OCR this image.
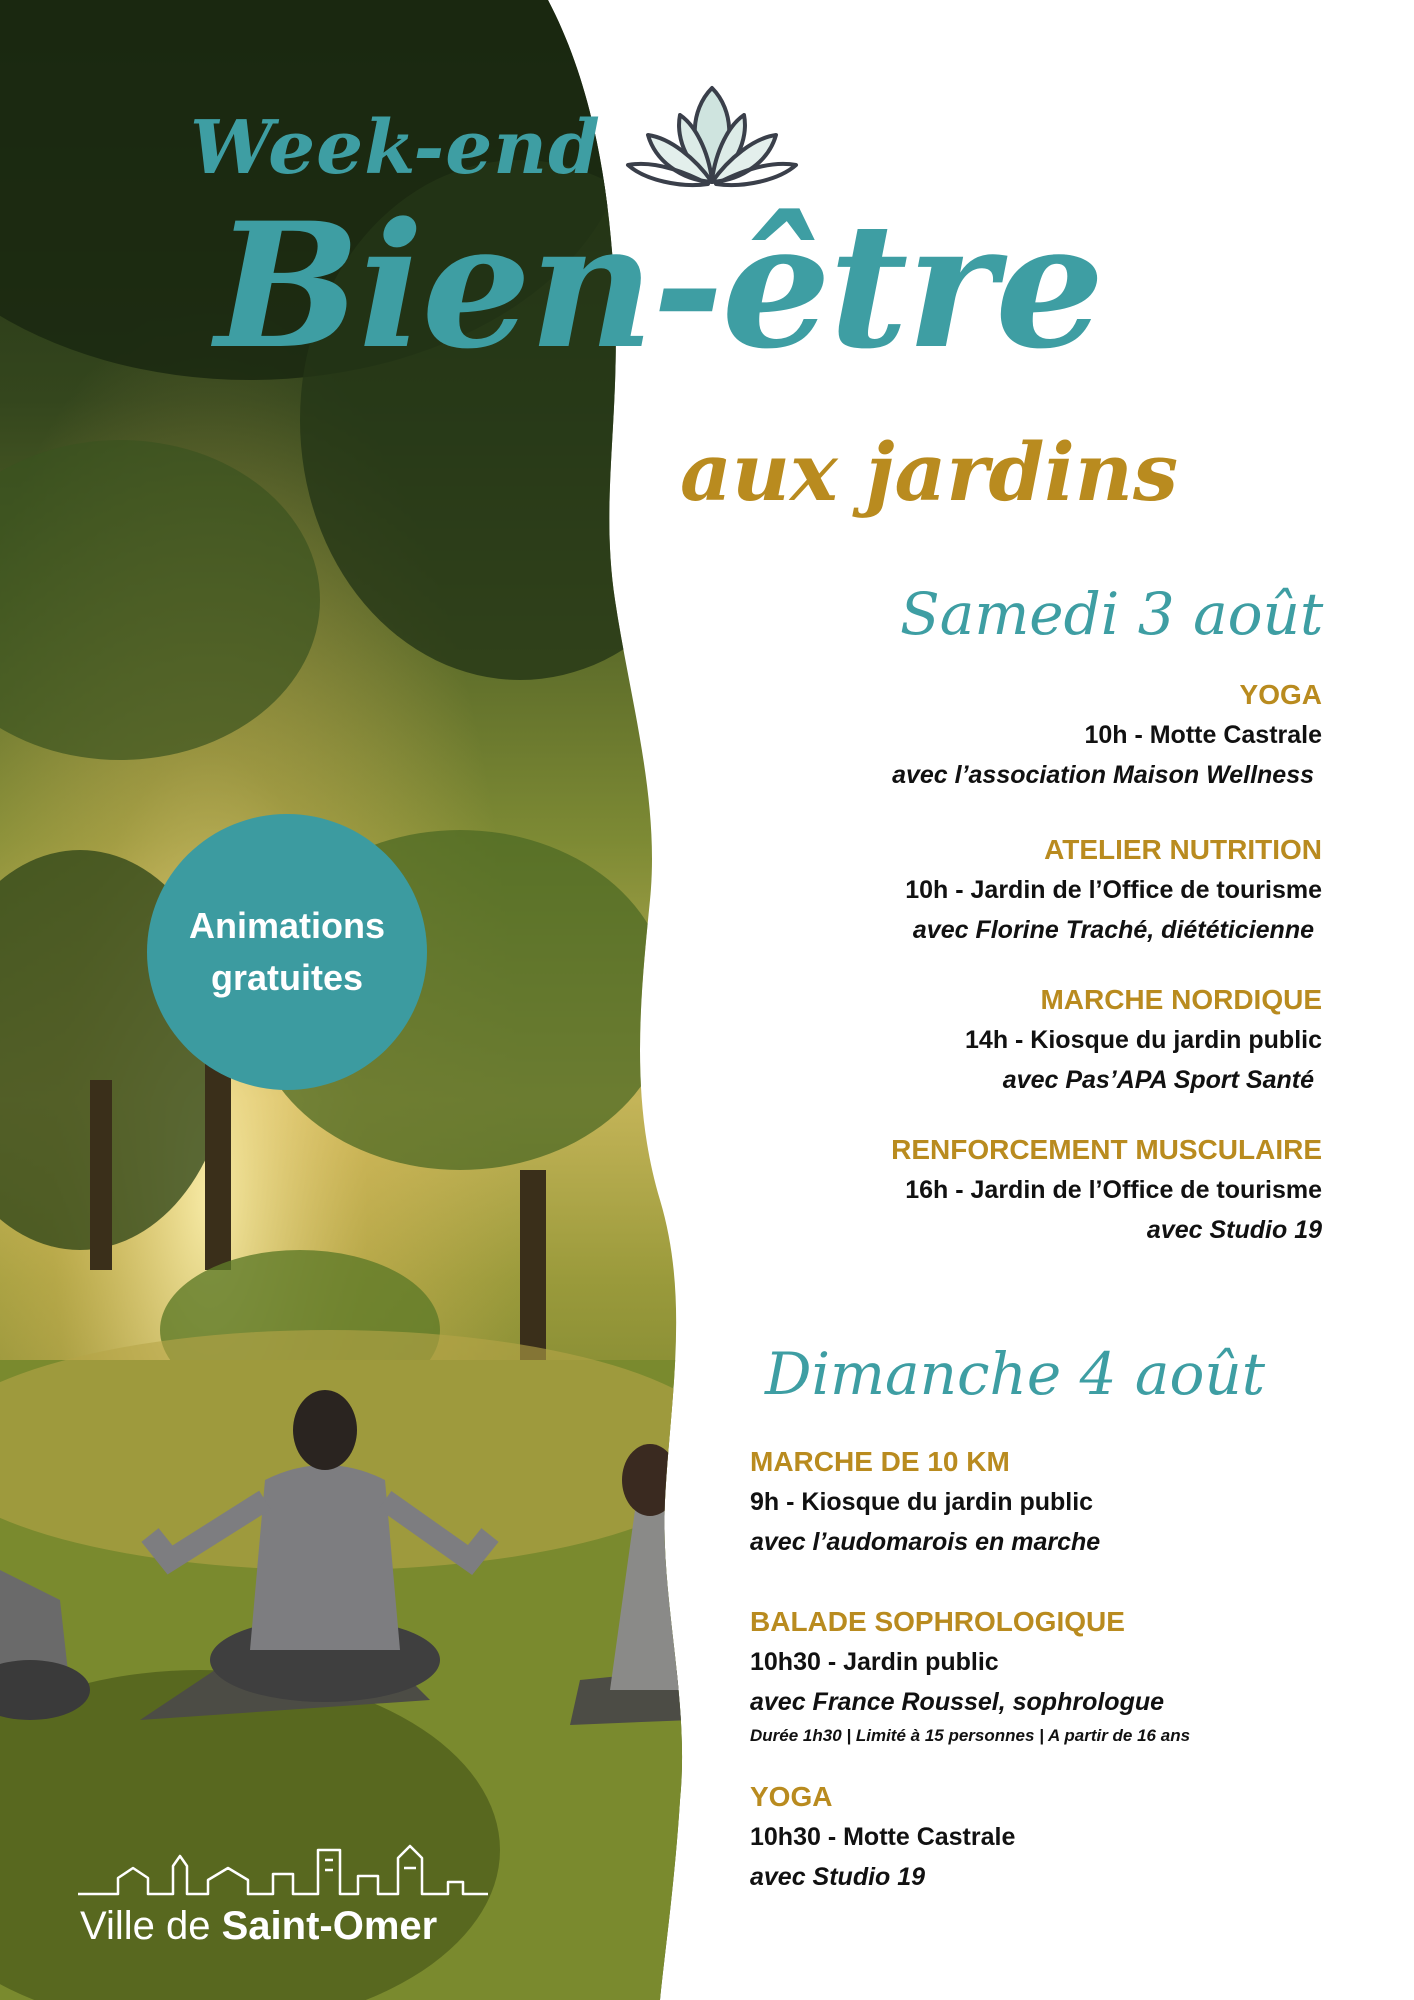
Week-end
Bien-être
aux jardins
Samedi 3 août
YOGA
10h - Motte Castrale
avec l’association Maison Wellness
ATELIER NUTRITION
10h - Jardin de l’Office de tourisme
avec Florine Traché, diététicienne
MARCHE NORDIQUE
14h - Kiosque du jardin public
avec Pas’APA Sport Santé
RENFORCEMENT MUSCULAIRE
16h - Jardin de l’Office de tourisme
avec Studio 19
Dimanche 4 août
MARCHE DE 10 KM
9h - Kiosque du jardin public
avec l’audomarois en marche
BALADE SOPHROLOGIQUE
10h30 - Jardin public
avec France Roussel, sophrologue
Durée 1h30 | Limité à 15 personnes | A partir de 16 ans
YOGA
10h30 - Motte Castrale
avec Studio 19
Animations
gratuites
Ville de Saint-Omer
